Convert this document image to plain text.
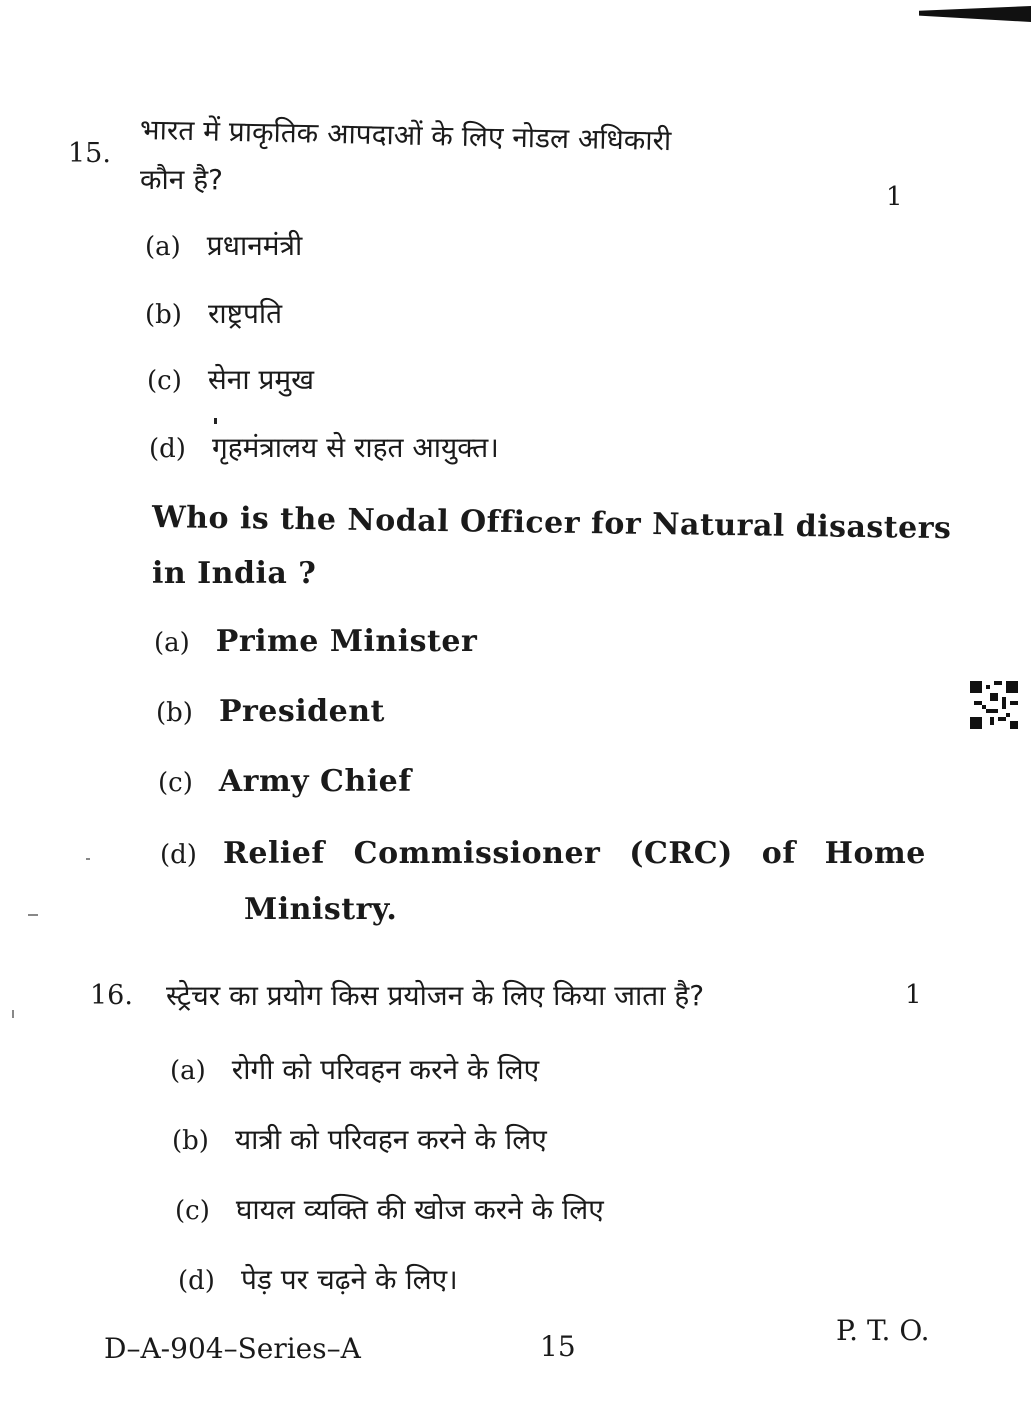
15. भारत में प्राकृतिक आपदाओं के लिए नोडल अधिकारी
कौन है?
1
(a) प्रधानमंत्री
(b) राष्ट्रपति
(c) सेना प्रमुख
(d) गृहमंत्रालय से राहत आयुक्त।
Who is the Nodal Officer for Natural disasters
in India ?
(a) Prime Minister
(b) President
(c) Army Chief
(d) Relief Commissioner (CRC) of Home
Ministry.
16. स्ट्रेचर का प्रयोग किस प्रयोजन के लिए किया जाता है?	1
(a) रोगी को परिवहन करने के लिए
(b) यात्री को परिवहन करने के लिए
(c) घायल व्यक्ति की खोज करने के लिए
(d) पेड़ पर चढ़ने के लिए।
D–A-904–Series–A	15	P. T. O.
